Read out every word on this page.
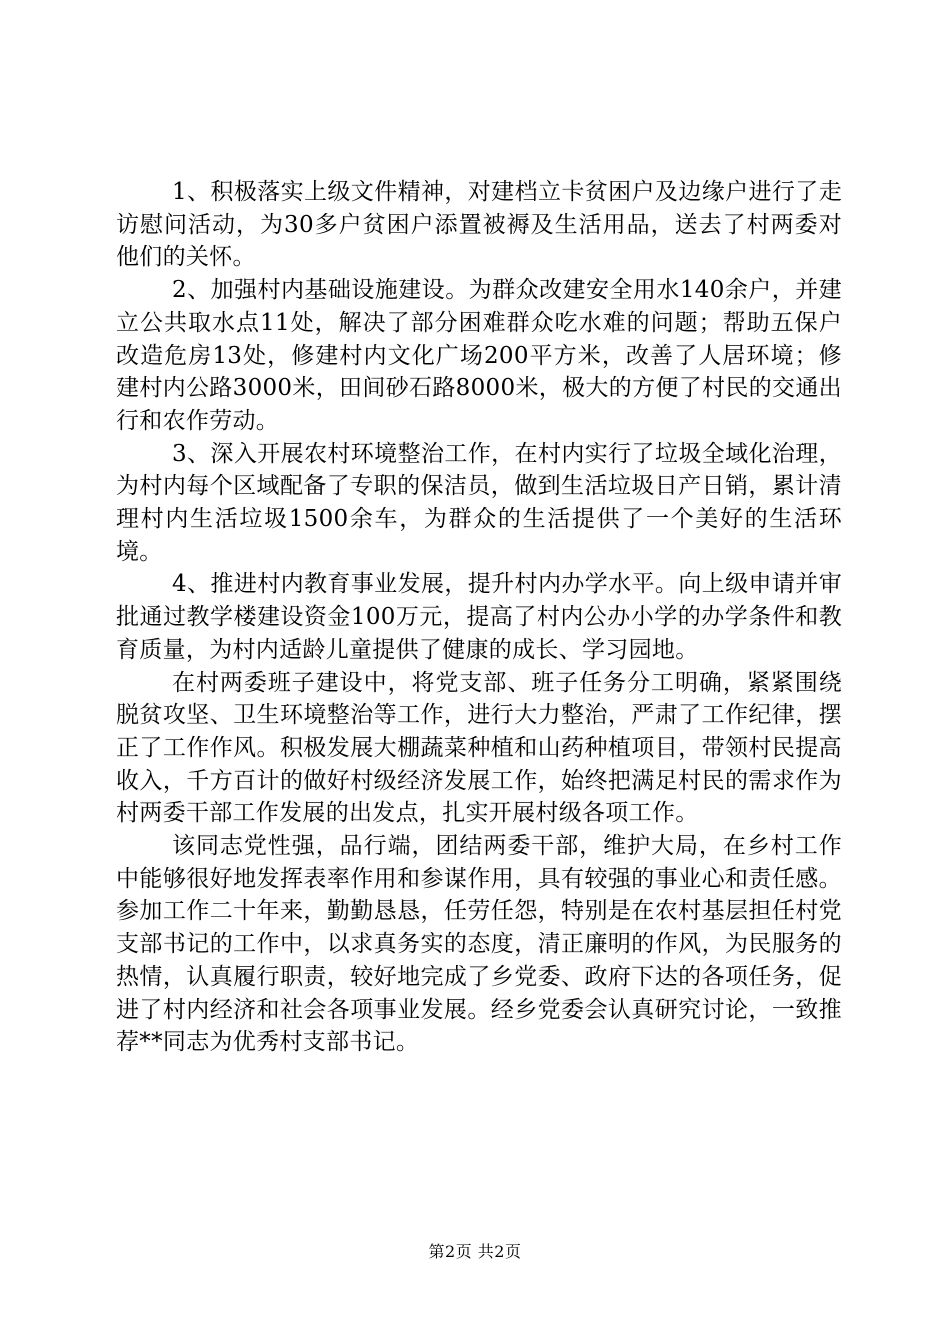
1、积极落实上级文件精神，对建档立卡贫困户及边缘户进行了走访慰问活动，为30多户贫困户添置被褥及生活用品，送去了村两委对他们的关怀。

2、加强村内基础设施建设。为群众改建安全用水140余户，并建立公共取水点11处，解决了部分困难群众吃水难的问题；帮助五保户改造危房13处，修建村内文化广场200平方米，改善了人居环境；修建村内公路3000米，田间砂石路8000米，极大的方便了村民的交通出行和农作劳动。

3、深入开展农村环境整治工作，在村内实行了垃圾全域化治理，为村内每个区域配备了专职的保洁员，做到生活垃圾日产日销，累计清理村内生活垃圾1500余车，为群众的生活提供了一个美好的生活环境。

4、推进村内教育事业发展，提升村内办学水平。向上级申请并审批通过教学楼建设资金100万元，提高了村内公办小学的办学条件和教育质量，为村内适龄儿童提供了健康的成长、学习园地。

在村两委班子建设中，将党支部、班子任务分工明确，紧紧围绕脱贫攻坚、卫生环境整治等工作，进行大力整治，严肃了工作纪律，摆正了工作作风。积极发展大棚蔬菜种植和山药种植项目，带领村民提高收入，千方百计的做好村级经济发展工作，始终把满足村民的需求作为村两委干部工作发展的出发点，扎实开展村级各项工作。

该同志党性强，品行端，团结两委干部，维护大局，在乡村工作中能够很好地发挥表率作用和参谋作用，具有较强的事业心和责任感。参加工作二十年来，勤勤恳恳，任劳任怨，特别是在农村基层担任村党支部书记的工作中，以求真务实的态度，清正廉明的作风，为民服务的热情，认真履行职责，较好地完成了乡党委、政府下达的各项任务，促进了村内经济和社会各项事业发展。经乡党委会认真研究讨论，一致推荐**同志为优秀村支部书记。

第2页 共2页
